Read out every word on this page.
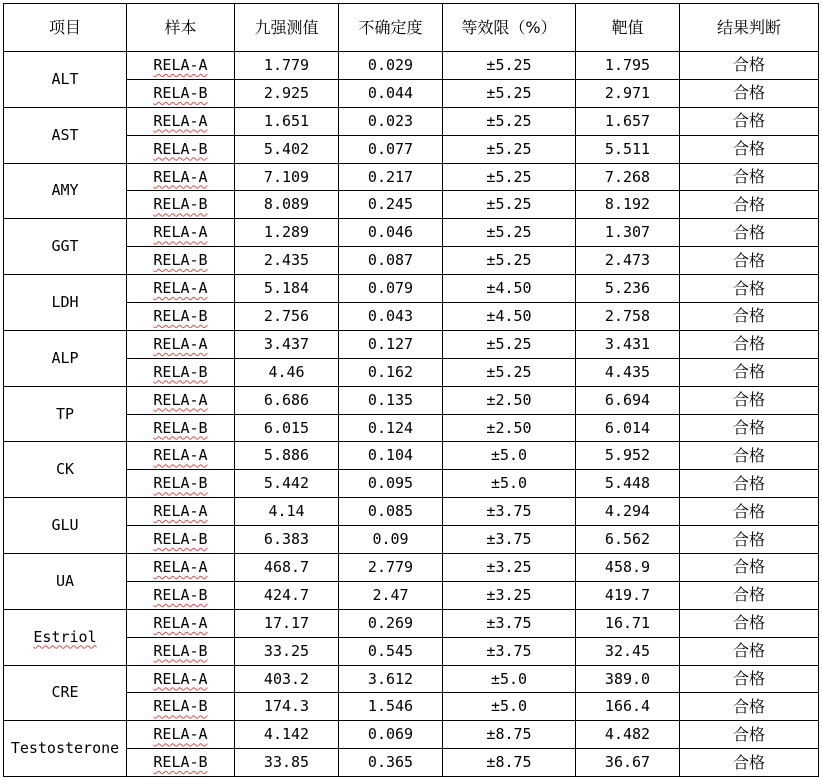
项目	样本	九强测值	不确定度	等效限（%）	靶值	结果判断
ALT	RELA-A	1.779	0.029	±5.25	1.795	合格
	RELA-B	2.925	0.044	±5.25	2.971	合格
AST	RELA-A	1.651	0.023	±5.25	1.657	合格
	RELA-B	5.402	0.077	±5.25	5.511	合格
AMY	RELA-A	7.109	0.217	±5.25	7.268	合格
	RELA-B	8.089	0.245	±5.25	8.192	合格
GGT	RELA-A	1.289	0.046	±5.25	1.307	合格
	RELA-B	2.435	0.087	±5.25	2.473	合格
LDH	RELA-A	5.184	0.079	±4.50	5.236	合格
	RELA-B	2.756	0.043	±4.50	2.758	合格
ALP	RELA-A	3.437	0.127	±5.25	3.431	合格
	RELA-B	4.46	0.162	±5.25	4.435	合格
TP	RELA-A	6.686	0.135	±2.50	6.694	合格
	RELA-B	6.015	0.124	±2.50	6.014	合格
CK	RELA-A	5.886	0.104	±5.0	5.952	合格
	RELA-B	5.442	0.095	±5.0	5.448	合格
GLU	RELA-A	4.14	0.085	±3.75	4.294	合格
	RELA-B	6.383	0.09	±3.75	6.562	合格
UA	RELA-A	468.7	2.779	±3.25	458.9	合格
	RELA-B	424.7	2.47	±3.25	419.7	合格
Estriol	RELA-A	17.17	0.269	±3.75	16.71	合格
	RELA-B	33.25	0.545	±3.75	32.45	合格
CRE	RELA-A	403.2	3.612	±5.0	389.0	合格
	RELA-B	174.3	1.546	±5.0	166.4	合格
Testosterone	RELA-A	4.142	0.069	±8.75	4.482	合格
	RELA-B	33.85	0.365	±8.75	36.67	合格
